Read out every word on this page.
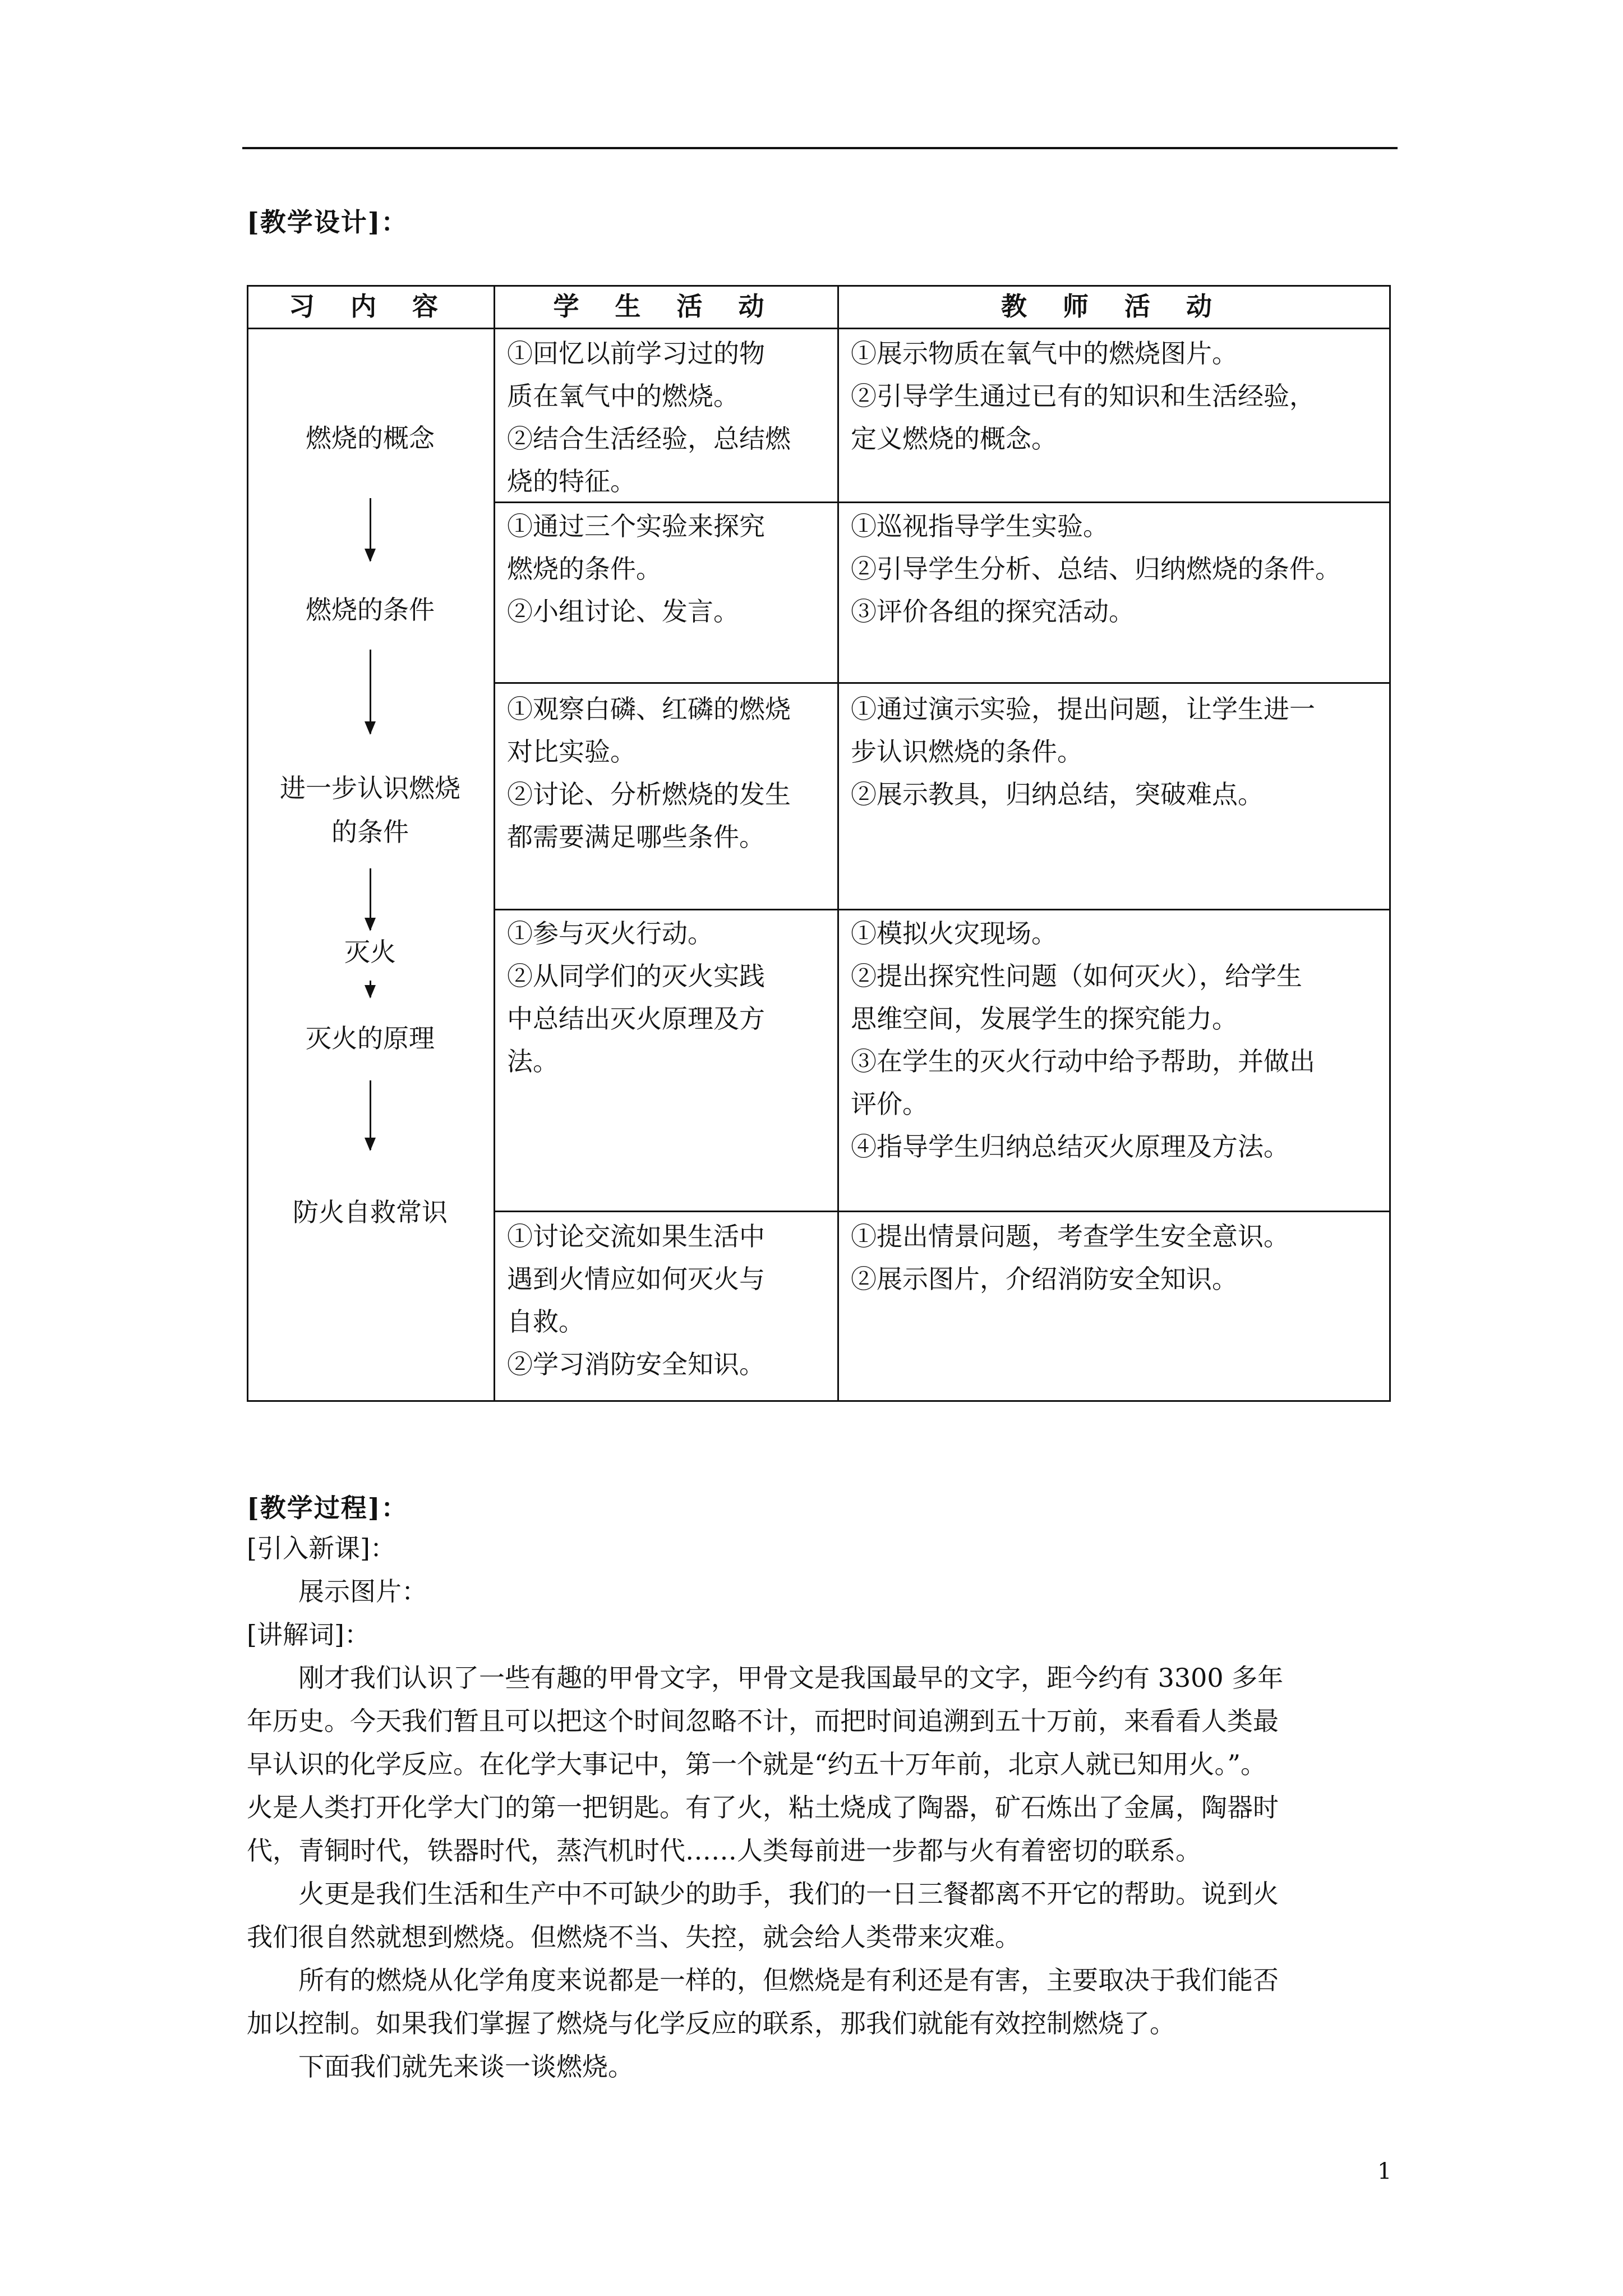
[教学设计]：
习 内 容	学 生 活 动	教 师 活 动
燃烧的概念
燃烧的条件
进一步认识燃烧
的条件
灭火
灭火的原理
防火自救常识
①回忆以前学习过的物
质在氧气中的燃烧。
②结合生活经验，总结燃
烧的特征。
①展示物质在氧气中的燃烧图片。
②引导学生通过已有的知识和生活经验，
定义燃烧的概念。
①通过三个实验来探究
燃烧的条件。
②小组讨论、发言。
①巡视指导学生实验。
②引导学生分析、总结、归纳燃烧的条件。
③评价各组的探究活动。
①观察白磷、红磷的燃烧
对比实验。
②讨论、分析燃烧的发生
都需要满足哪些条件。
①通过演示实验，提出问题，让学生进一
步认识燃烧的条件。
②展示教具，归纳总结，突破难点。
①参与灭火行动。
②从同学们的灭火实践
中总结出灭火原理及方
法。
①模拟火灾现场。
②提出探究性问题（如何灭火），给学生
思维空间，发展学生的探究能力。
③在学生的灭火行动中给予帮助，并做出
评价。
④指导学生归纳总结灭火原理及方法。
①讨论交流如果生活中
遇到火情应如何灭火与
自救。
②学习消防安全知识。
①提出情景问题，考查学生安全意识。
②展示图片，介绍消防安全知识。
[教学过程]：
[引入新课]：
展示图片：
[讲解词]：
刚才我们认识了一些有趣的甲骨文字，甲骨文是我国最早的文字，距今约有 3300 多年
年历史。今天我们暂且可以把这个时间忽略不计，而把时间追溯到五十万前，来看看人类最
早认识的化学反应。在化学大事记中，第一个就是“约五十万年前，北京人就已知用火。”。
火是人类打开化学大门的第一把钥匙。有了火，粘土烧成了陶器，矿石炼出了金属，陶器时
代，青铜时代，铁器时代，蒸汽机时代……人类每前进一步都与火有着密切的联系。
火更是我们生活和生产中不可缺少的助手，我们的一日三餐都离不开它的帮助。说到火
我们很自然就想到燃烧。但燃烧不当、失控，就会给人类带来灾难。
所有的燃烧从化学角度来说都是一样的，但燃烧是有利还是有害，主要取决于我们能否
加以控制。如果我们掌握了燃烧与化学反应的联系，那我们就能有效控制燃烧了。
下面我们就先来谈一谈燃烧。
1
